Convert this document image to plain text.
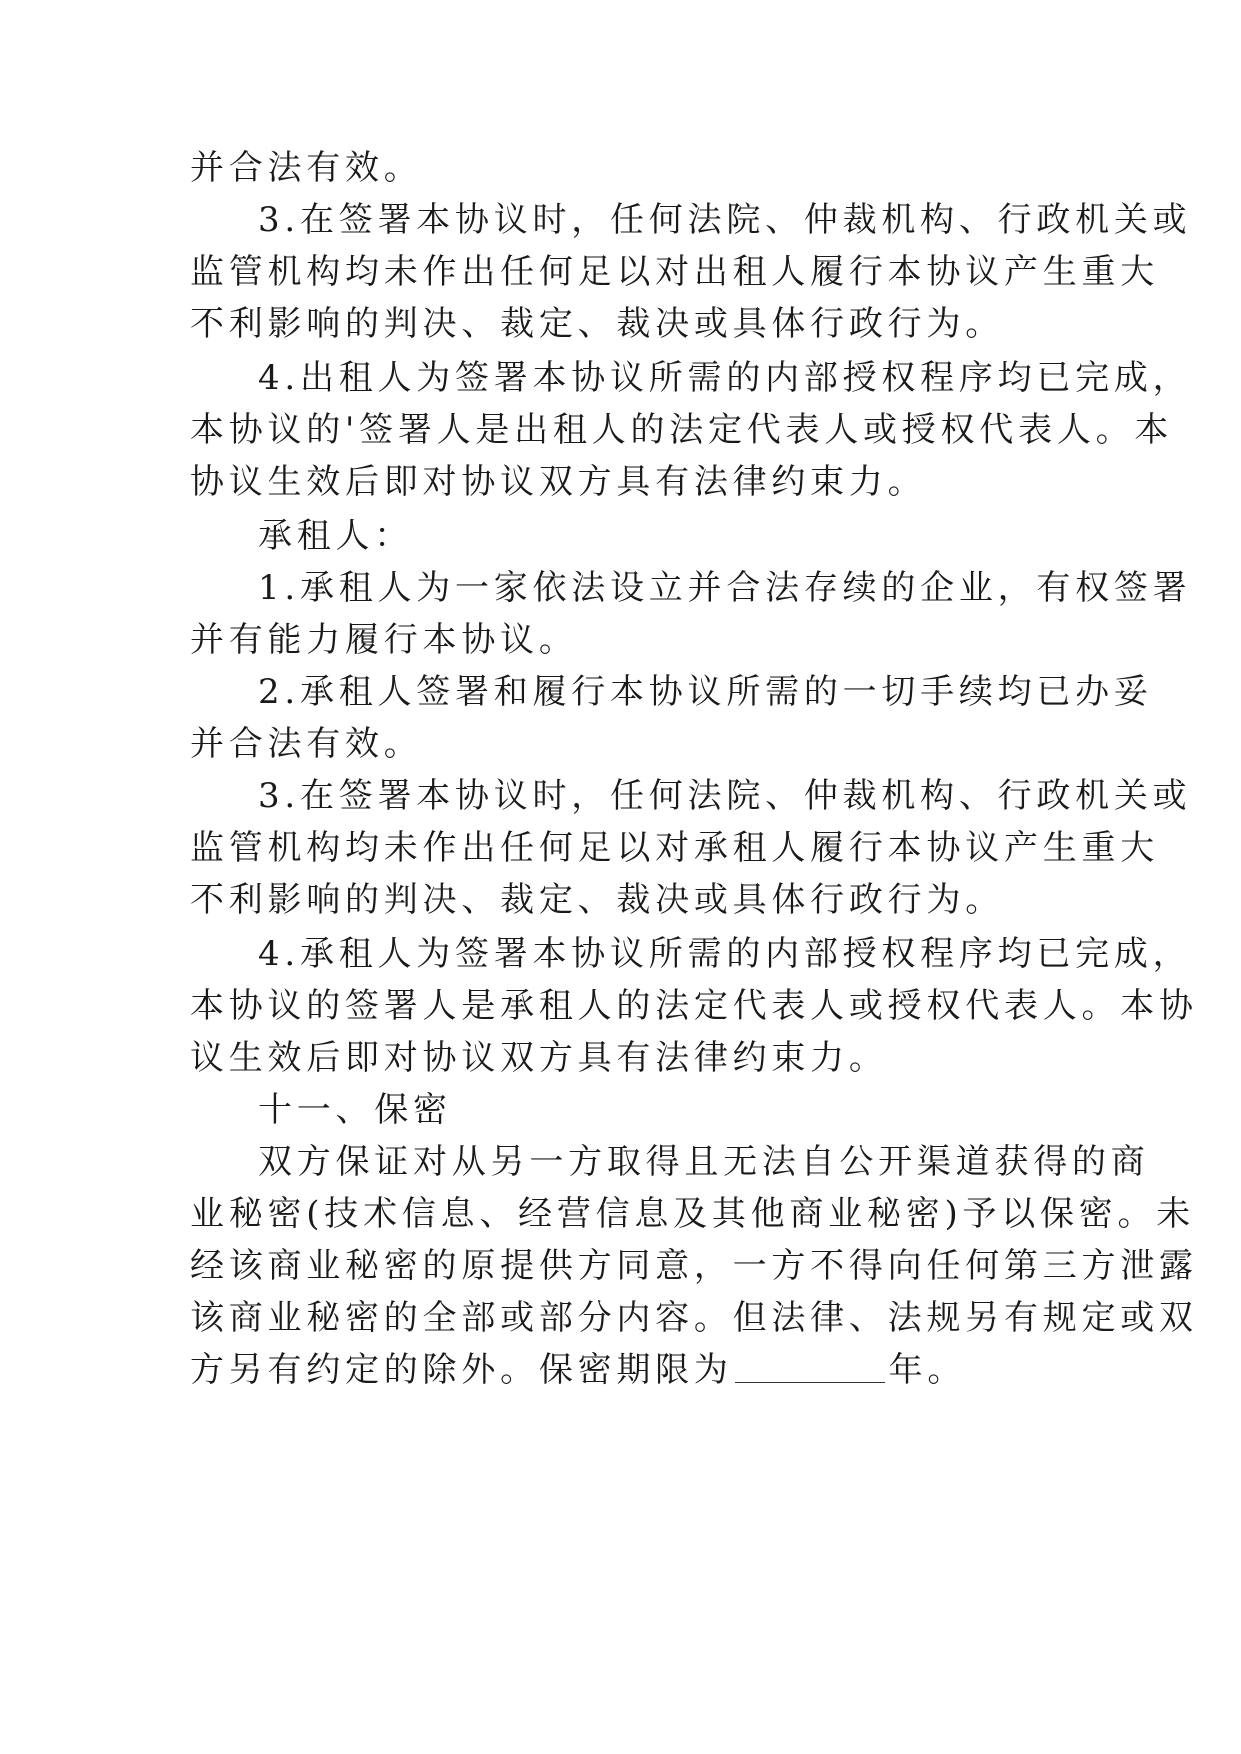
并合法有效。
3.在签署本协议时，任何法院、仲裁机构、行政机关或
监管机构均未作出任何足以对出租人履行本协议产生重大
不利影响的判决、裁定、裁决或具体行政行为。
4.出租人为签署本协议所需的内部授权程序均已完成，
本协议的'签署人是出租人的法定代表人或授权代表人。本
协议生效后即对协议双方具有法律约束力。
承租人：
1.承租人为一家依法设立并合法存续的企业，有权签署
并有能力履行本协议。
2.承租人签署和履行本协议所需的一切手续均已办妥
并合法有效。
3.在签署本协议时，任何法院、仲裁机构、行政机关或
监管机构均未作出任何足以对承租人履行本协议产生重大
不利影响的判决、裁定、裁决或具体行政行为。
4.承租人为签署本协议所需的内部授权程序均已完成，
本协议的签署人是承租人的法定代表人或授权代表人。本协
议生效后即对协议双方具有法律约束力。
十一、保密
双方保证对从另一方取得且无法自公开渠道获得的商
业秘密(技术信息、经营信息及其他商业秘密)予以保密。未
经该商业秘密的原提供方同意，一方不得向任何第三方泄露
该商业秘密的全部或部分内容。但法律、法规另有规定或双
方另有约定的除外。保密期限为	年。
